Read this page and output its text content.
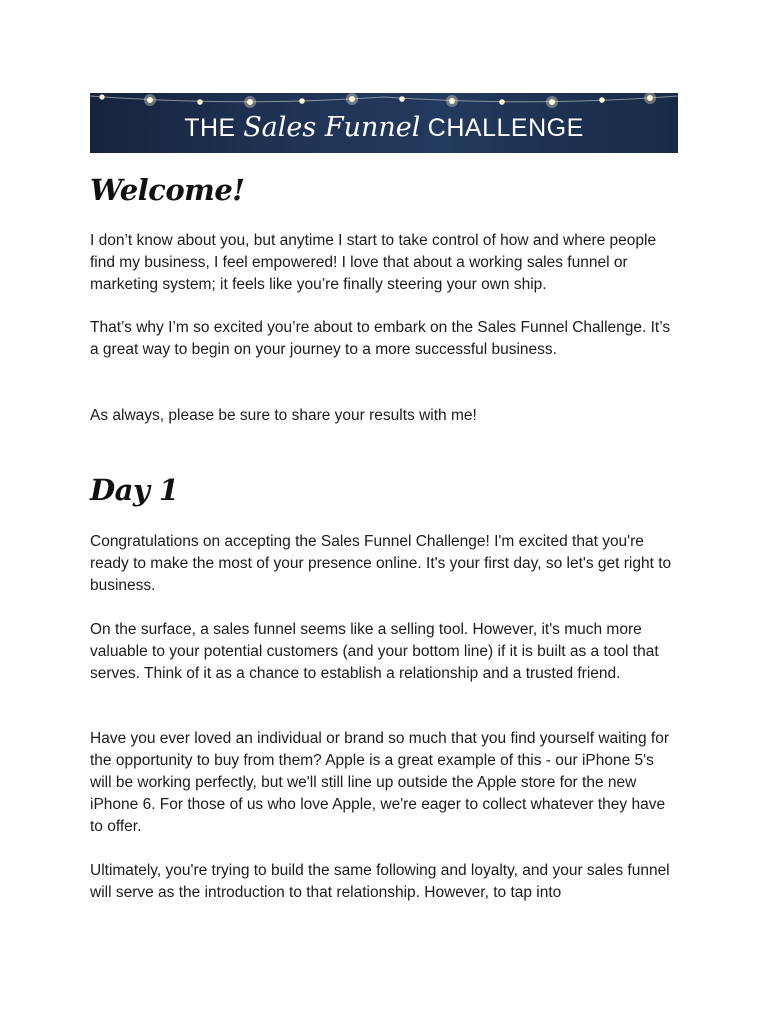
THE Sales Funnel CHALLENGE
Welcome!

I don’t know about you, but anytime I start to take control of how and where people find my business, I feel empowered! I love that about a working sales funnel or marketing system; it feels like you’re finally steering your own ship.

That’s why I’m so excited you’re about to embark on the Sales Funnel Challenge. It’s a great way to begin on your journey to a more successful business.

As always, please be sure to share your results with me!

Day 1

Congratulations on accepting the Sales Funnel Challenge! I'm excited that you're ready to make the most of your presence online. It's your first day, so let's get right to business.

On the surface, a sales funnel seems like a selling tool. However, it's much more valuable to your potential customers (and your bottom line) if it is built as a tool that serves. Think of it as a chance to establish a relationship and a trusted friend.

Have you ever loved an individual or brand so much that you find yourself waiting for the opportunity to buy from them? Apple is a great example of this - our iPhone 5's will be working perfectly, but we'll still line up outside the Apple store for the new iPhone 6. For those of us who love Apple, we're eager to collect whatever they have to offer.

Ultimately, you're trying to build the same following and loyalty, and your sales funnel will serve as the introduction to that relationship. However, to tap into
